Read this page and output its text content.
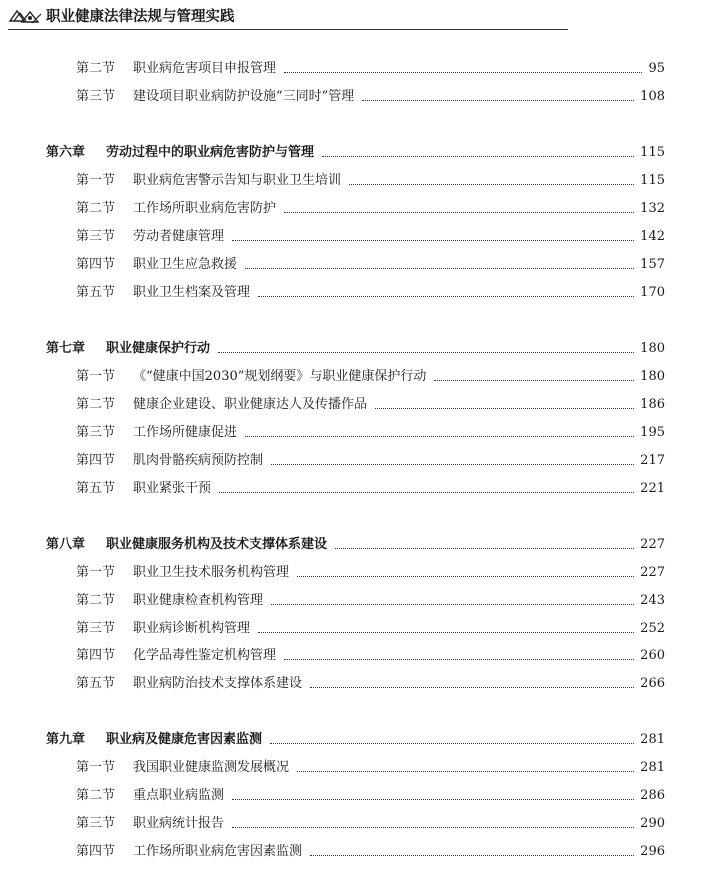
职业健康法律法规与管理实践
第二节 职业病危害项目申报管理	95
第三节 建设项目职业病防护设施“三同时”管理	108
第六章 劳动过程中的职业病危害防护与管理	115
第一节 职业病危害警示告知与职业卫生培训	115
第二节 工作场所职业病危害防护	132
第三节 劳动者健康管理	142
第四节 职业卫生应急救援	157
第五节 职业卫生档案及管理	170
第七章 职业健康保护行动	180
第一节 《“健康中国2030”规划纲要》与职业健康保护行动	180
第二节 健康企业建设、职业健康达人及传播作品	186
第三节 工作场所健康促进	195
第四节 肌肉骨骼疾病预防控制	217
第五节 职业紧张干预	221
第八章 职业健康服务机构及技术支撑体系建设	227
第一节 职业卫生技术服务机构管理	227
第二节 职业健康检查机构管理	243
第三节 职业病诊断机构管理	252
第四节 化学品毒性鉴定机构管理	260
第五节 职业病防治技术支撑体系建设	266
第九章 职业病及健康危害因素监测	281
第一节 我国职业健康监测发展概况	281
第二节 重点职业病监测	286
第三节 职业病统计报告	290
第四节 工作场所职业病危害因素监测	296
